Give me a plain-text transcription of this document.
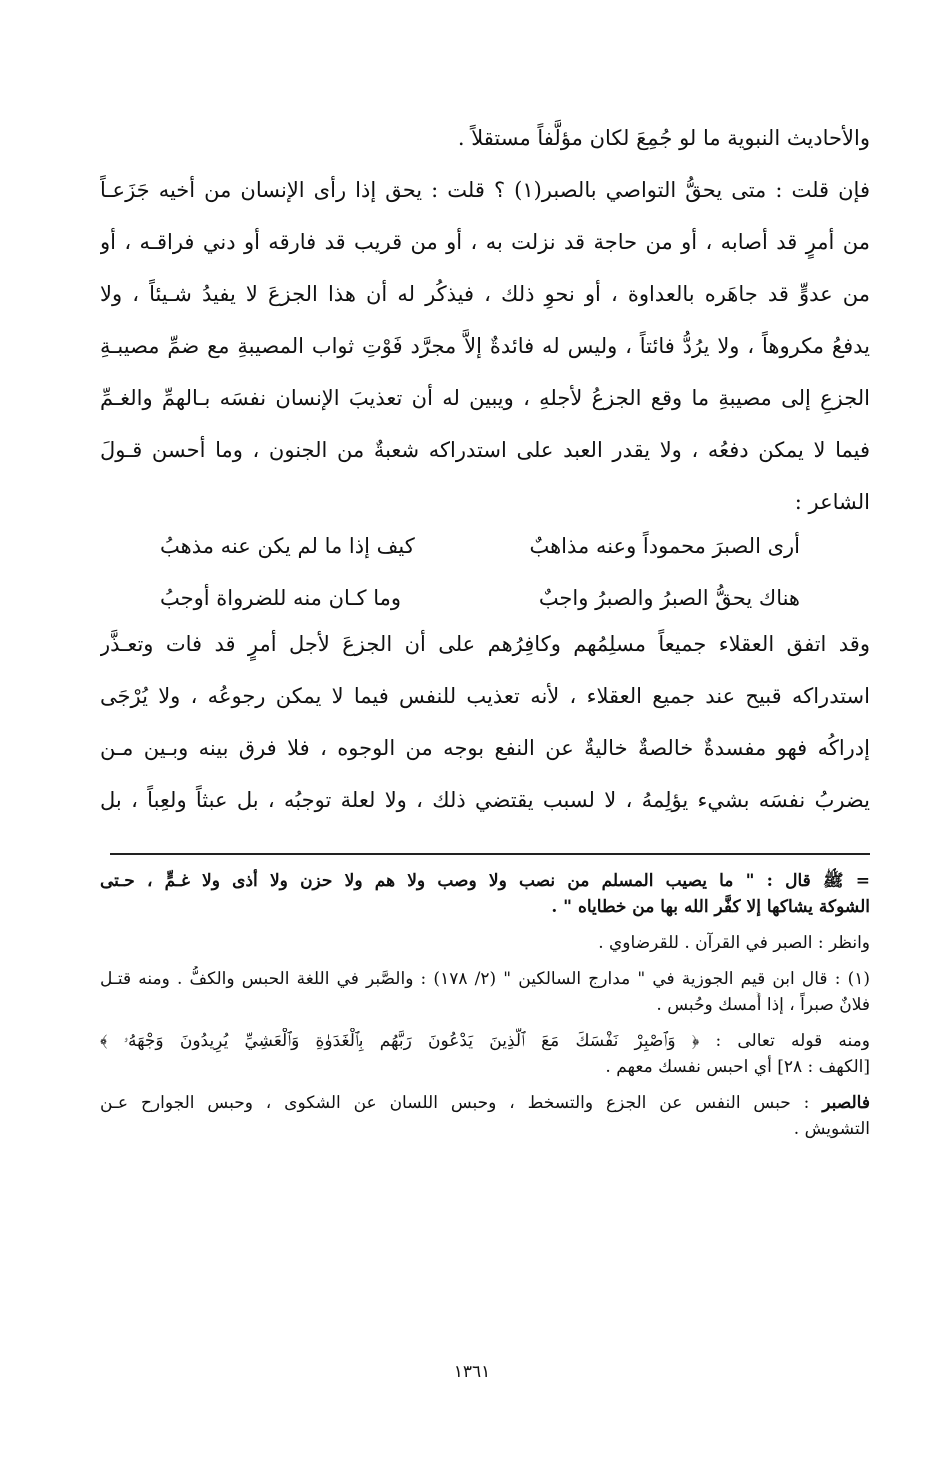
والأحاديث النبوية ما لو جُمِعَ لكان مؤلَّفاً مستقلاً .
فإن قلت : متى يحقُّ التواصي بالصبر(١) ؟ قلت : يحق إذا رأى الإنسان من أخيه جَزَعـاً
من أمرٍ قد أصابه ، أو من حاجة قد نزلت به ، أو من قريب قد فارقه أو دني فراقـه ، أو
من عدوٍّ قد جاهَره بالعداوة ، أو نحوِ ذلك ، فيذكُر له أن هذا الجزعَ لا يفيدُ شـيئاً ، ولا
يدفعُ مكروهاً ، ولا يرُدُّ فائتاً ، وليس له فائدةٌ إلاَّ مجرَّد فَوْتِ ثواب المصيبةِ مع ضمِّ مصيبـةِ
الجزعِ إلى مصيبةِ ما وقع الجزعُ لأجلهِ ، ويبين له أن تعذيبَ الإنسان نفسَه بـالهمِّ والغـمِّ
فيما لا يمكن دفعُه ، ولا يقدر العبد على استدراكه شعبةٌ من الجنون ، وما أحسن قـولَ
الشاعر :
أرى الصبرَ محموداً وعنه مذاهبٌ
كيف إذا ما لم يكن عنه مذهبُ
هناك يحقُّ الصبرُ والصبرُ واجبٌ
وما كـان منه للضرواة أوجبُ
وقد اتفق العقلاء جميعاً مسلِمُهم وكافِرُهم على أن الجزعَ لأجل أمرٍ قد فات وتعـذَّر
استدراكه قبيح عند جميع العقلاء ، لأنه تعذيب للنفس فيما لا يمكن رجوعُه ، ولا يُرْجَى
إدراكُه فهو مفسدةٌ خالصةٌ خاليةٌ عن النفع بوجه من الوجوه ، فلا فرق بينه وبـين مـن
يضربُ نفسَه بشيء يؤلِمهُ ، لا لسبب يقتضي ذلك ، ولا لعلة توجبُه ، بل عبثاً ولعِباً ، بل
= ﷺ قال : " ما يصيب المسلم من نصب ولا وصب ولا هم ولا حزن ولا أذى ولا غـمٍّ ، حـتى
الشوكة يشاكها إلا كفَّر الله بها من خطاياه " .
وانظر : الصبر في القرآن . للقرضاوي .
(١) : قال ابن قيم الجوزية في " مدارج السالكين " (٢/ ١٧٨) : والصَّبر في اللغة الحبس والكفُّ . ومنه قتـل
فلانٌ صبراً ، إذا أُمسك وحُبس .
ومنه قوله تعالى : ﴿ وَٱصْبِرْ نَفْسَكَ مَعَ ٱلَّذِينَ يَدْعُونَ رَبَّهُم بِٱلْغَدَوٰةِ وَٱلْعَشِيِّ يُرِيدُونَ وَجْهَهُۥ ﴾
[الكهف : ٢٨] أي احبس نفسك معهم .
فالصبر : حبس النفس عن الجزع والتسخط ، وحبس اللسان عن الشكوى ، وحبس الجوارح عـن
التشويش .
١٣٦١
